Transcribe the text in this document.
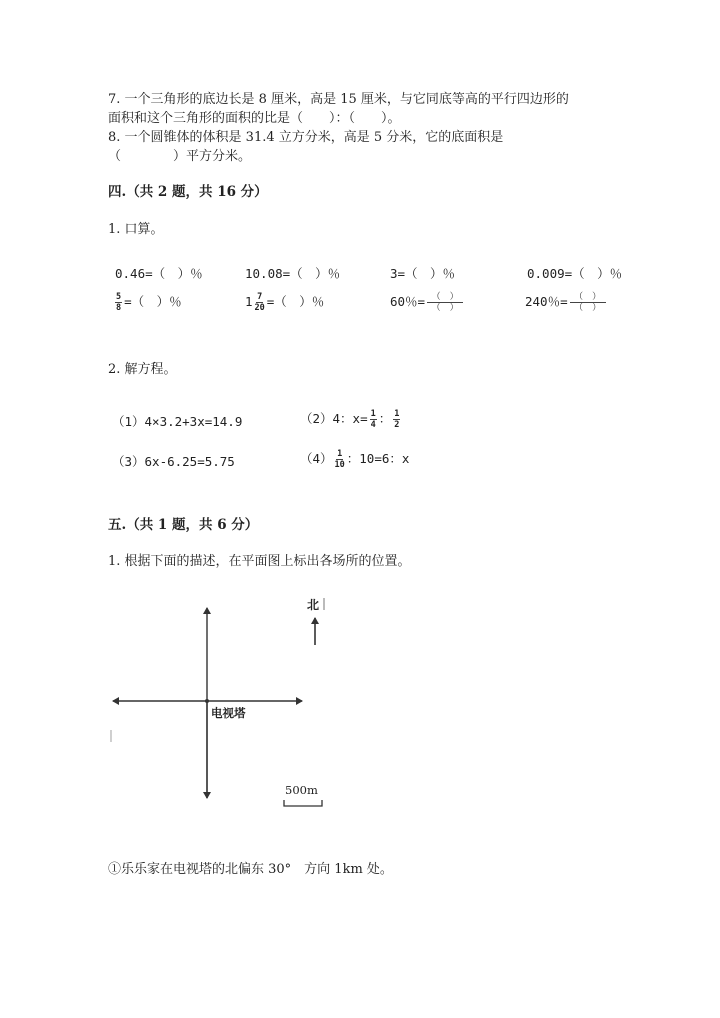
7. 一个三角形的底边长是 8 厘米，高是 15 厘米，与它同底等高的平行四边形的
面积和这个三角形的面积的比是（　　）：（　　）。
8. 一个圆锥体的体积是 31.4 立方分米，高是 5 分米，它的底面积是
（　　　　）平方分米。
四.（共 2 题，共 16 分）
1. 口算。
0.46=（　）％	10.08=（　）％	3=（　）％	0.009=（　）％
$\frac{5}{8}$ =（　）％	$1 \frac{7}{20}$ =（　）％	60％= $\frac{( )}{( )}$	240％= $\frac{( )}{( )}$
2. 解方程。
（1）4×3.2+3x=14.9	（2）4：$x= \frac{1}{4}$ ： $\frac{1}{2}$
（3）6x-6.25=5.75	$(4) \frac{1}{10}$ ：10=6：x
五.（共 1 题，共 6 分）
1. 根据下面的描述，在平面图上标出各场所的位置。
北
电视塔
500m
①乐乐家在电视塔的北偏东 30°　方向 1km 处。
